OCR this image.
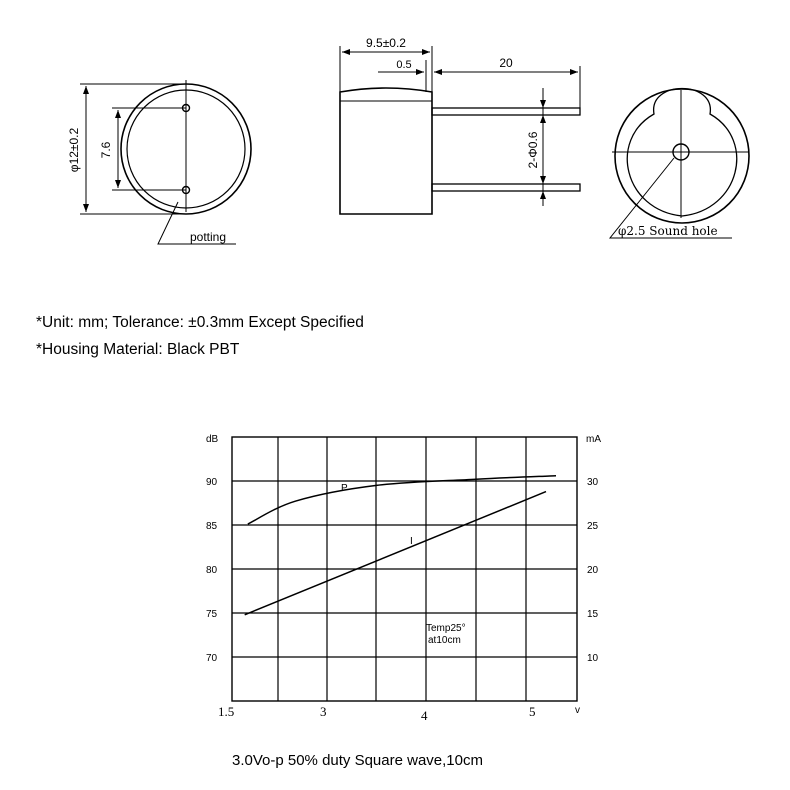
φ12±0.2 7.6
potting
9.5±0.2
0.5	20
2-Φ0.6
φ2.5 Sound hole
dB	mA
90
85
80
75
70
30
25
20
15
10
1.5	3	4	5	v
P
I
Temp25°
at10cm
*Unit: mm; Tolerance: ±0.3mm Except Specified
*Housing Material: Black PBT
3.0Vo-p 50% duty Square wave,10cm
